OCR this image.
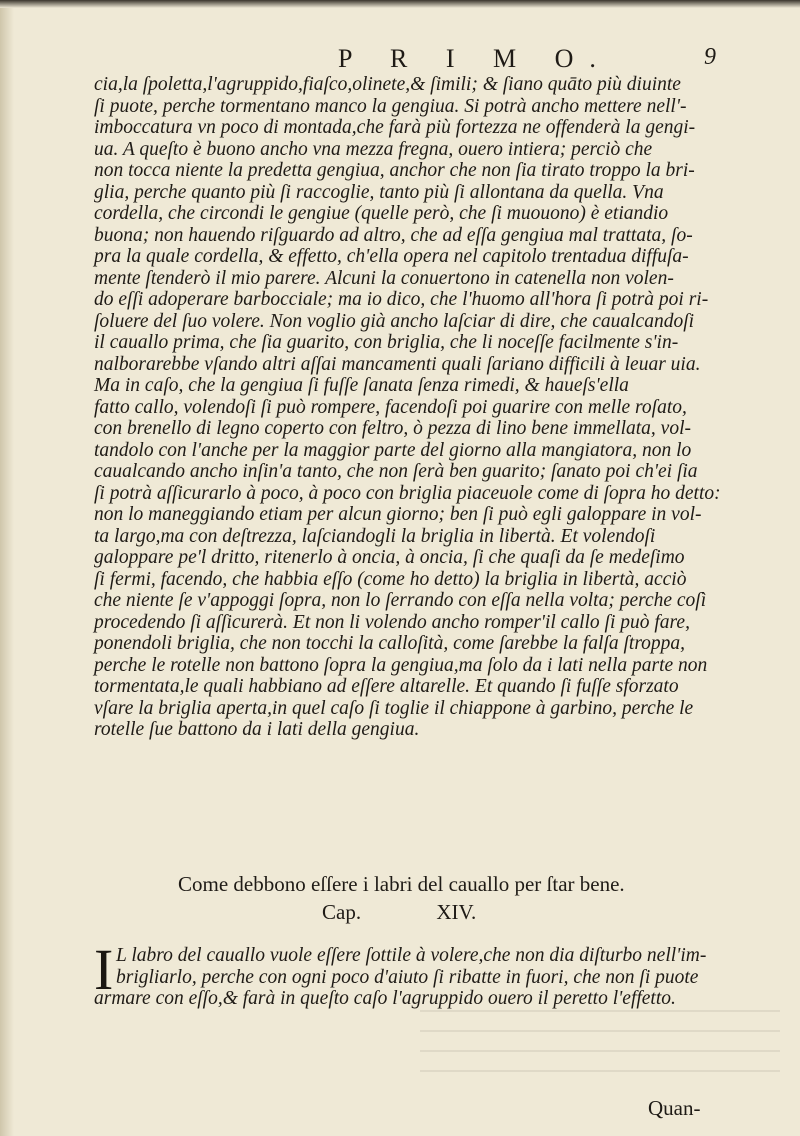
P R I M O.	9
cia,la ſpoletta,l'agruppido,fiaſco,olinete,& ſimili; & ſiano quāto più diuinte
ſi puote, perche tormentano manco la gengiua. Si potrà ancho mettere nell'-
imboccatura vn poco di montada,che farà più fortezza ne offenderà la gengi-
ua. A queſto è buono ancho vna mezza fregna, ouero intiera; perciò che
non tocca niente la predetta gengiua, anchor che non ſia tirato troppo la bri-
glia, perche quanto più ſi raccoglie, tanto più ſi allontana da quella. Vna
cordella, che circondi le gengiue (quelle però, che ſi muouono) è etiandio
buona; non hauendo riſguardo ad altro, che ad eſſa gengiua mal trattata, ſo-
pra la quale cordella, & effetto, ch'ella opera nel capitolo trentadua diffuſa-
mente ſtenderò il mio parere. Alcuni la conuertono in catenella non volen-
do eſſi adoperare barbocciale; ma io dico, che l'huomo all'hora ſi potrà poi ri-
ſoluere del ſuo volere. Non voglio già ancho laſciar di dire, che caualcandoſi
il cauallo prima, che ſia guarito, con briglia, che li noceſſe facilmente s'in-
nalborarebbe vſando altri aſſai mancamenti quali ſariano difficili à leuar uia.
Ma in caſo, che la gengiua ſi fuſſe ſanata ſenza rimedi, & haueſs'ella
fatto callo, volendoſi ſi può rompere, facendoſi poi guarire con melle roſato,
con brenello di legno coperto con feltro, ò pezza di lino bene immellata, vol-
tandolo con l'anche per la maggior parte del giorno alla mangiatora, non lo
caualcando ancho inſin'a tanto, che non ſerà ben guarito; ſanato poi ch'ei ſia
ſi potrà aſſicurarlo à poco, à poco con briglia piaceuole come di ſopra ho detto:
non lo maneggiando etiam per alcun giorno; ben ſi può egli galoppare in vol-
ta largo,ma con deſtrezza, laſciandogli la briglia in libertà. Et volendoſi
galoppare pe'l dritto, ritenerlo à oncia, à oncia, ſi che quaſi da ſe medeſimo
ſi fermi, facendo, che habbia eſſo (come ho detto) la briglia in libertà, acciò
che niente ſe v'appoggi ſopra, non lo ſerrando con eſſa nella volta; perche coſì
procedendo ſi aſſicurerà. Et non li volendo ancho romper'il callo ſi può fare,
ponendoli briglia, che non tocchi la calloſità, come ſarebbe la falſa ſtroppa,
perche le rotelle non battono ſopra la gengiua,ma ſolo da i lati nella parte non
tormentata,le quali habbiano ad eſſere altarelle. Et quando ſi fuſſe sforzato
vſare la briglia aperta,in quel caſo ſi toglie il chiappone à garbino, perche le
rotelle ſue battono da i lati della gengiua.
Come debbono eſſere i labri del cauallo per ſtar bene.
Cap.	XIV.
I L labro del cauallo vuole eſſere ſottile à volere,che non dia diſturbo nell'im-
brigliarlo, perche con ogni poco d'aiuto ſi ribatte in fuori, che non ſi puote
armare con eſſo,& farà in queſto caſo l'agruppido ouero il peretto l'effetto.
Quan-
